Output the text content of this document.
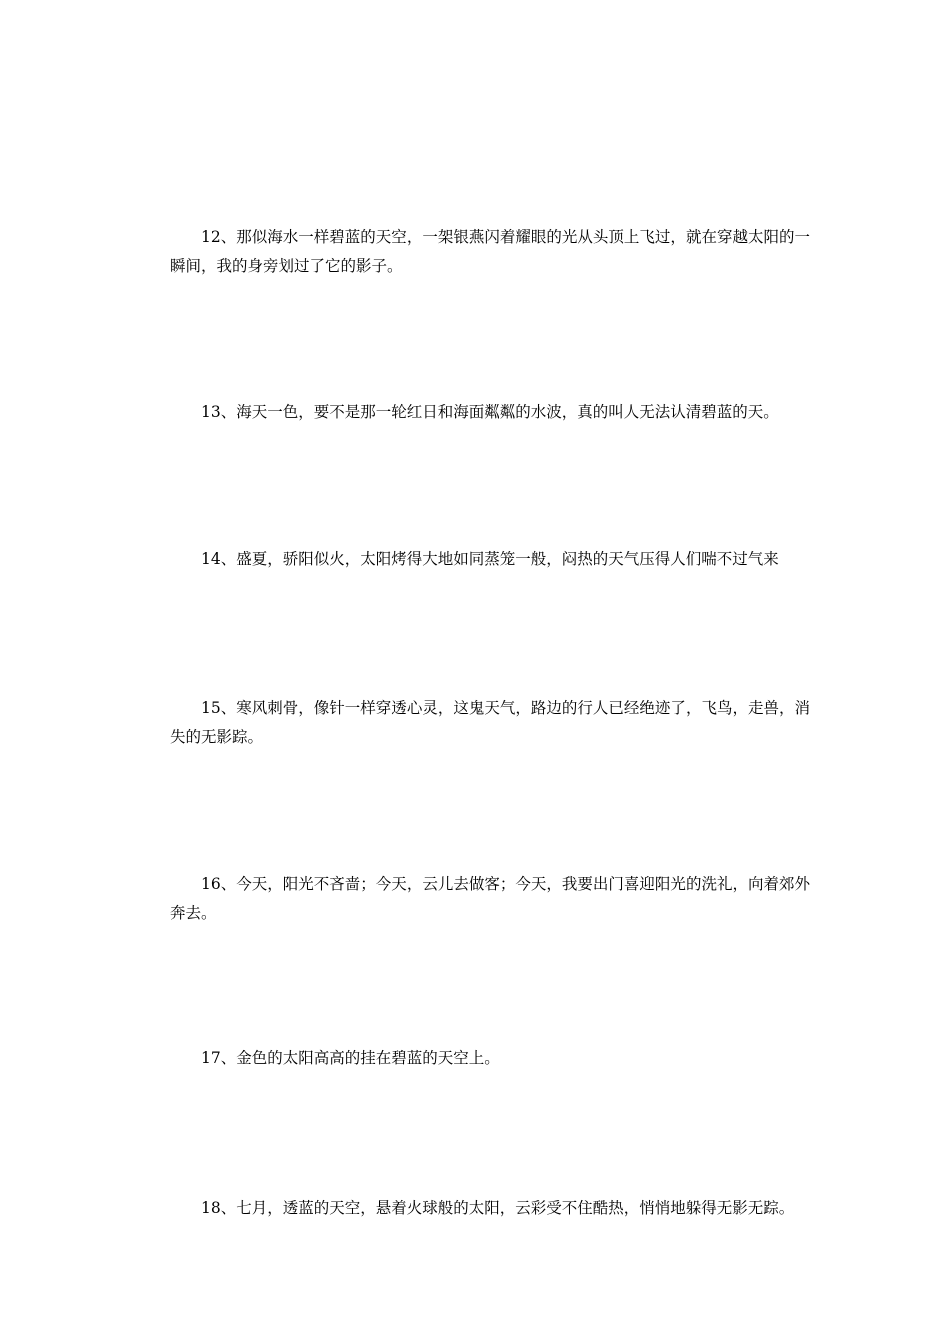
12、那似海水一样碧蓝的天空，一架银燕闪着耀眼的光从头顶上飞过，就在穿越太阳的一瞬间，我的身旁划过了它的影子。

13、海天一色，要不是那一轮红日和海面粼粼的水波，真的叫人无法认清碧蓝的天。

14、盛夏，骄阳似火，太阳烤得大地如同蒸笼一般，闷热的天气压得人们喘不过气来

15、寒风刺骨，像针一样穿透心灵，这鬼天气，路边的行人已经绝迹了，飞鸟，走兽，消失的无影踪。

16、今天，阳光不吝啬；今天，云儿去做客；今天，我要出门喜迎阳光的洗礼，向着郊外奔去。

17、金色的太阳高高的挂在碧蓝的天空上。

18、七月，透蓝的天空，悬着火球般的太阳，云彩受不住酷热，悄悄地躲得无影无踪。
